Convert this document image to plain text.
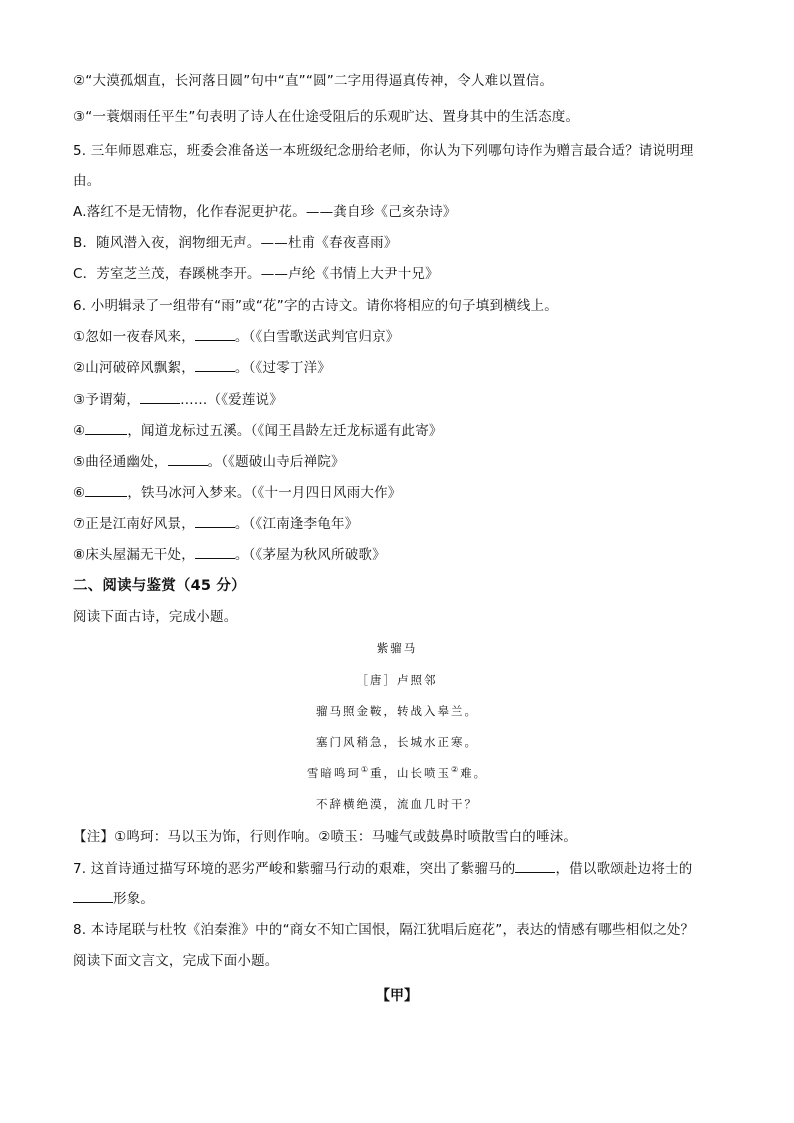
②“大漠孤烟直，长河落日圆”句中“直”“圆”二字用得逼真传神，令人难以置信。
③“一蓑烟雨任平生”句表明了诗人在仕途受阻后的乐观旷达、置身其中的生活态度。
5. 三年师恩难忘，班委会准备送一本班级纪念册给老师，你认为下列哪句诗作为赠言最合适？请说明理
由。
A.落红不是无情物，化作春泥更护花。——龚自珍《己亥杂诗》
B．随风潜入夜，润物细无声。——杜甫《春夜喜雨》
C．芳室芝兰茂，春蹊桃李开。——卢纶《书情上大尹十兄》
6. 小明辑录了一组带有“雨”或“花”字的古诗文。请你将相应的句子填到横线上。
①忽如一夜春风来，	。（《白雪歌送武判官归京》
②山河破碎风飘絮，	。（《过零丁洋》
③予谓菊，	……（《爱莲说》
④	，闻道龙标过五溪。（《闻王昌龄左迁龙标遥有此寄》
⑤曲径通幽处，	。（《题破山寺后禅院》
⑥	，铁马冰河入梦来。（《十一月四日风雨大作》
⑦正是江南好风景，	。（《江南逢李龟年》
⑧床头屋漏无干处，	。（《茅屋为秋风所破歌》
二、阅读与鉴赏（45 分）
阅读下面古诗，完成小题。
紫骝马
［唐］卢照邻
骝马照金鞍，转战入皋兰。
塞门风稍急，长城水正寒。
雪暗鸣珂①重，山长喷玉②难。
不辞横绝漠，流血几时干？
【注】①鸣珂：马以玉为饰，行则作响。②喷玉：马嘘气或鼓鼻时喷散雪白的唾沫。
7. 这首诗通过描写环境的恶劣严峻和紫骝马行动的艰难，突出了紫骝马的	，借以歌颂赴边将士的
形象。
8. 本诗尾联与杜牧《泊秦淮》中的“商女不知亡国恨，隔江犹唱后庭花”，表达的情感有哪些相似之处？
阅读下面文言文，完成下面小题。
【甲】
